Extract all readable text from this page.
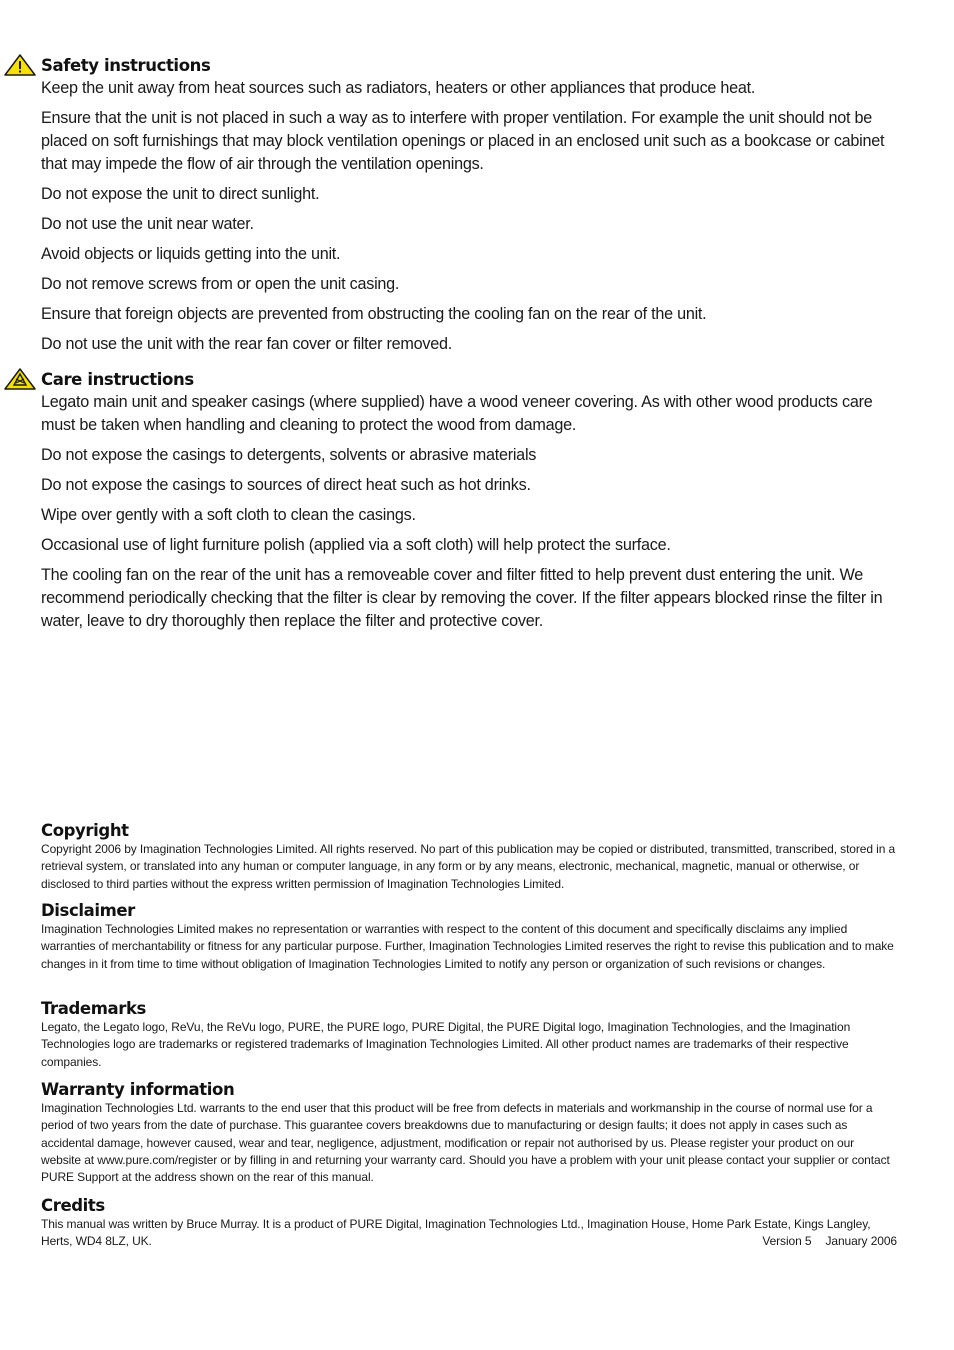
Safety instructions

Keep the unit away from heat sources such as radiators, heaters or other appliances that produce heat.

Ensure that the unit is not placed in such a way as to interfere with proper ventilation. For example the unit should not be placed on soft furnishings that may block ventilation openings or placed in an enclosed unit such as a bookcase or cabinet that may impede the flow of air through the ventilation openings.

Do not expose the unit to direct sunlight.

Do not use the unit near water.

Avoid objects or liquids getting into the unit.

Do not remove screws from or open the unit casing.

Ensure that foreign objects are prevented from obstructing the cooling fan on the rear of the unit.

Do not use the unit with the rear fan cover or filter removed.

Care instructions

Legato main unit and speaker casings (where supplied) have a wood veneer covering. As with other wood products care must be taken when handling and cleaning to protect the wood from damage.

Do not expose the casings to detergents, solvents or abrasive materials

Do not expose the casings to sources of direct heat such as hot drinks.

Wipe over gently with a soft cloth to clean the casings.

Occasional use of light furniture polish (applied via a soft cloth) will help protect the surface.

The cooling fan on the rear of the unit has a removeable cover and filter fitted to help prevent dust entering the unit. We recommend periodically checking that the filter is clear by removing the cover. If the filter appears blocked rinse the filter in water, leave to dry thoroughly then replace the filter and protective cover.

Copyright

Copyright 2006 by Imagination Technologies Limited. All rights reserved. No part of this publication may be copied or distributed, transmitted, transcribed, stored in a retrieval system, or translated into any human or computer language, in any form or by any means, electronic, mechanical, magnetic, manual or otherwise, or disclosed to third parties without the express written permission of Imagination Technologies Limited.

Disclaimer

Imagination Technologies Limited makes no representation or warranties with respect to the content of this document and specifically disclaims any implied warranties of merchantability or fitness for any particular purpose. Further, Imagination Technologies Limited reserves the right to revise this publication and to make changes in it from time to time without obligation of Imagination Technologies Limited to notify any person or organization of such revisions or changes.

Trademarks

Legato, the Legato logo, ReVu, the ReVu logo, PURE, the PURE logo, PURE Digital, the PURE Digital logo, Imagination Technologies, and the Imagination Technologies logo are trademarks or registered trademarks of Imagination Technologies Limited. All other product names are trademarks of their respective companies.

Warranty information

Imagination Technologies Ltd. warrants to the end user that this product will be free from defects in materials and workmanship in the course of normal use for a period of two years from the date of purchase. This guarantee covers breakdowns due to manufacturing or design faults; it does not apply in cases such as accidental damage, however caused, wear and tear, negligence, adjustment, modification or repair not authorised by us. Please register your product on our website at www.pure.com/register or by filling in and returning your warranty card. Should you have a problem with your unit please contact your supplier or contact PURE Support at the address shown on the rear of this manual.

Credits

This manual was written by Bruce Murray. It is a product of PURE Digital, Imagination Technologies Ltd., Imagination House, Home Park Estate, Kings Langley,

Herts, WD4 8LZ, UK.	Version 5 January 2006
